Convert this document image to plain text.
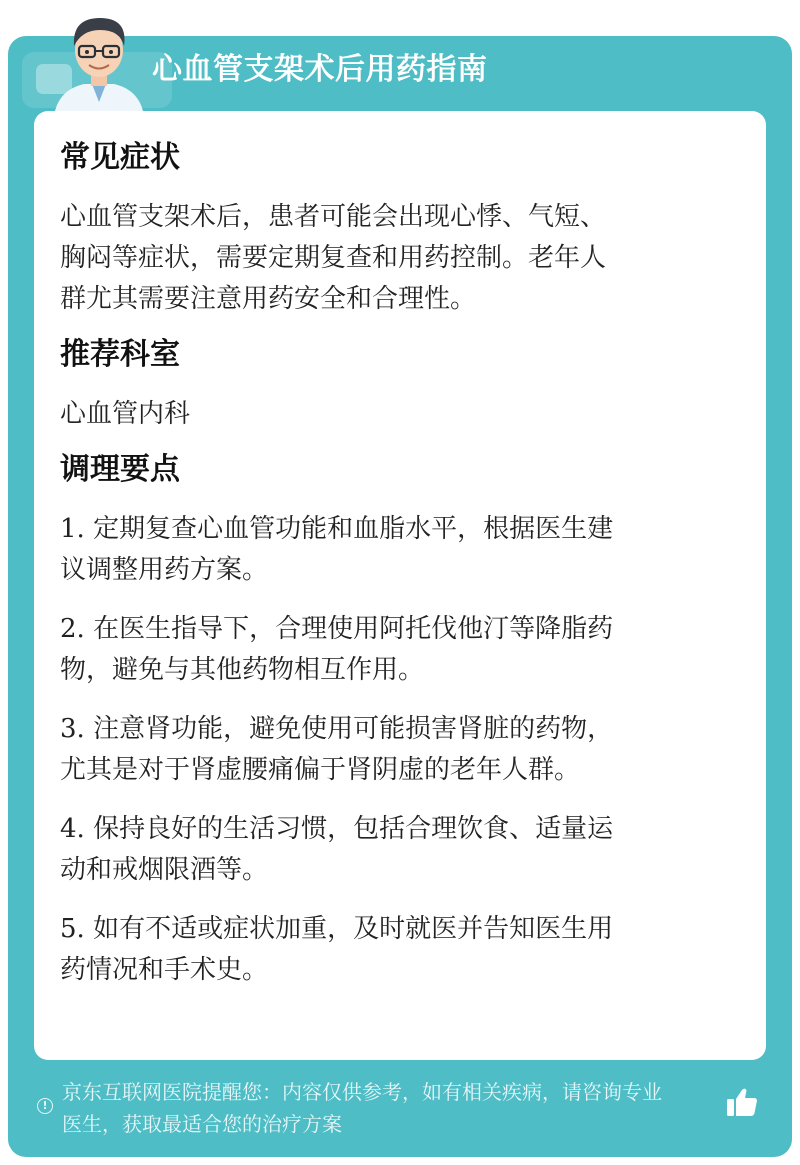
心血管支架术后用药指南
常见症状

心血管支架术后，患者可能会出现心悸、气短、

胸闷等症状，需要定期复查和用药控制。老年人

群尤其需要注意用药安全和合理性。

推荐科室

心血管内科

调理要点

1. 定期复查心血管功能和血脂水平，根据医生建

议调整用药方案。

2. 在医生指导下，合理使用阿托伐他汀等降脂药

物，避免与其他药物相互作用。

3. 注意肾功能，避免使用可能损害肾脏的药物，

尤其是对于肾虚腰痛偏于肾阴虚的老年人群。

4. 保持良好的生活习惯，包括合理饮食、适量运

动和戒烟限酒等。

5. 如有不适或症状加重，及时就医并告知医生用

药情况和手术史。

!
京东互联网医院提醒您：内容仅供参考，如有相关疾病，请咨询专业
医生，获取最适合您的治疗方案
